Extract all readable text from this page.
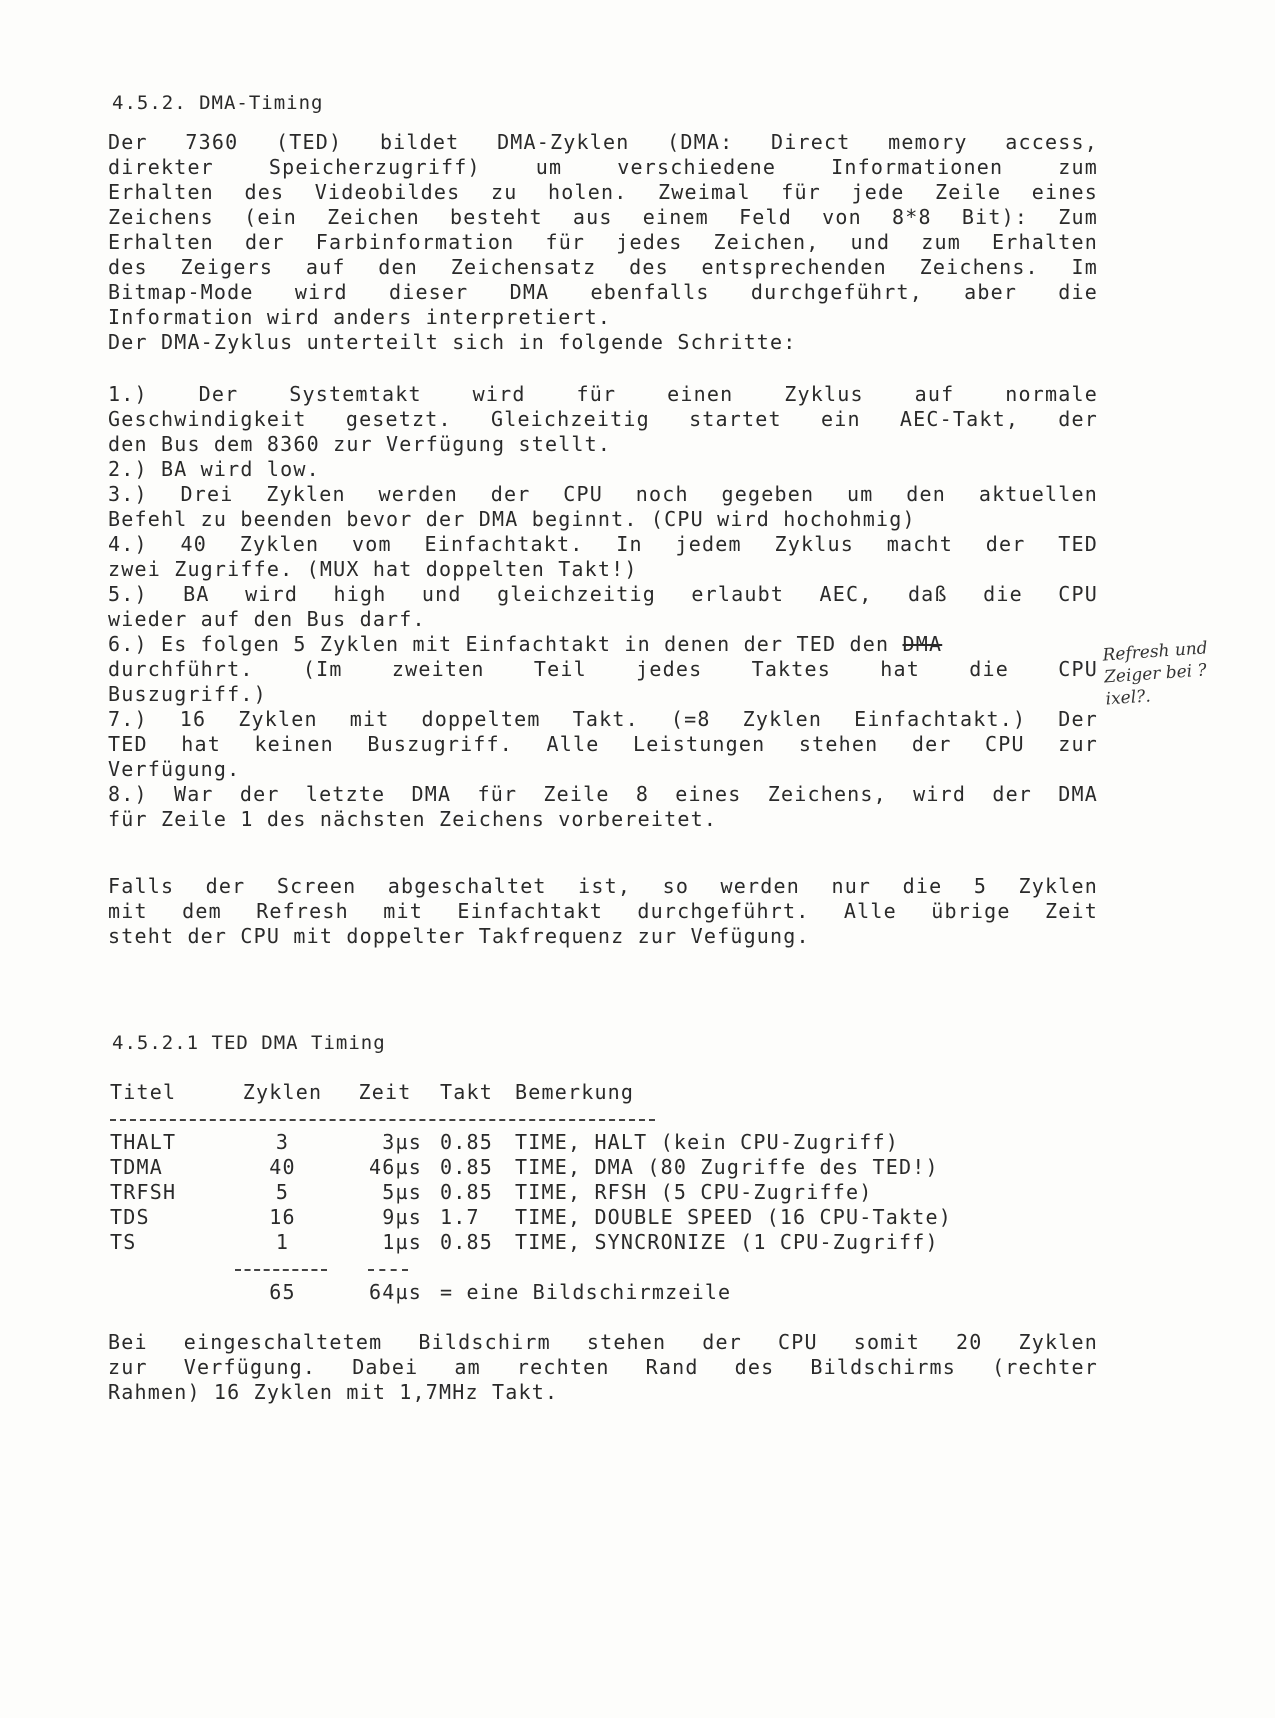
4.5.2. DMA-Timing
Der 7360 (TED) bildet DMA-Zyklen (DMA: Direct memory access,
direkter Speicherzugriff) um verschiedene Informationen zum
Erhalten des Videobildes zu holen. Zweimal für jede Zeile eines
Zeichens (ein Zeichen besteht aus einem Feld von 8*8 Bit): Zum
Erhalten der Farbinformation für jedes Zeichen, und zum Erhalten
des Zeigers auf den Zeichensatz des entsprechenden Zeichens. Im
Bitmap-Mode wird dieser DMA ebenfalls durchgeführt, aber die
Information wird anders interpretiert.
Der DMA-Zyklus unterteilt sich in folgende Schritte:
1.) Der Systemtakt wird für einen Zyklus auf normale
Geschwindigkeit gesetzt. Gleichzeitig startet ein AEC-Takt, der
den Bus dem 8360 zur Verfügung stellt.
2.) BA wird low.
3.) Drei Zyklen werden der CPU noch gegeben um den aktuellen
Befehl zu beenden bevor der DMA beginnt. (CPU wird hochohmig)
4.) 40 Zyklen vom Einfachtakt. In jedem Zyklus macht der TED
zwei Zugriffe. (MUX hat doppelten Takt!)
5.) BA wird high und gleichzeitig erlaubt AEC, daß die CPU
wieder auf den Bus darf.
6.) Es folgen 5 Zyklen mit Einfachtakt in denen der TED den DMA
durchführt. (Im zweiten Teil jedes Taktes hat die CPU
Buszugriff.)
7.) 16 Zyklen mit doppeltem Takt. (=8 Zyklen Einfachtakt.) Der
TED hat keinen Buszugriff. Alle Leistungen stehen der CPU zur
Verfügung.
8.) War der letzte DMA für Zeile 8 eines Zeichens, wird der DMA
für Zeile 1 des nächsten Zeichens vorbereitet.
Refresh und Zeiger bei ?ixel?.
Falls der Screen abgeschaltet ist, so werden nur die 5 Zyklen
mit dem Refresh mit Einfachtakt durchgeführt. Alle übrige Zeit
steht der CPU mit doppelter Takfrequenz zur Vefügung.
4.5.2.1 TED DMA Timing
Titel	Zyklen	Zeit	Takt	Bemerkung

THALT	3	3µs	0.85	TIME, HALT (kein CPU-Zugriff)
TDMA	40	46µs	0.85	TIME, DMA (80 Zugriffe des TED!)
TRFSH	5	5µs	0.85	TIME, RFSH (5 CPU-Zugriffe)
TDS	16	9µs	1.7	TIME, DOUBLE SPEED (16 CPU-Takte)
TS	1	1µs	0.85	TIME, SYNCRONIZE (1 CPU-Zugriff)

	65	64µs	= eine Bildschirmzeile	
Bei eingeschaltetem Bildschirm stehen der CPU somit 20 Zyklen
zur Verfügung. Dabei am rechten Rand des Bildschirms (rechter
Rahmen) 16 Zyklen mit 1,7MHz Takt.
